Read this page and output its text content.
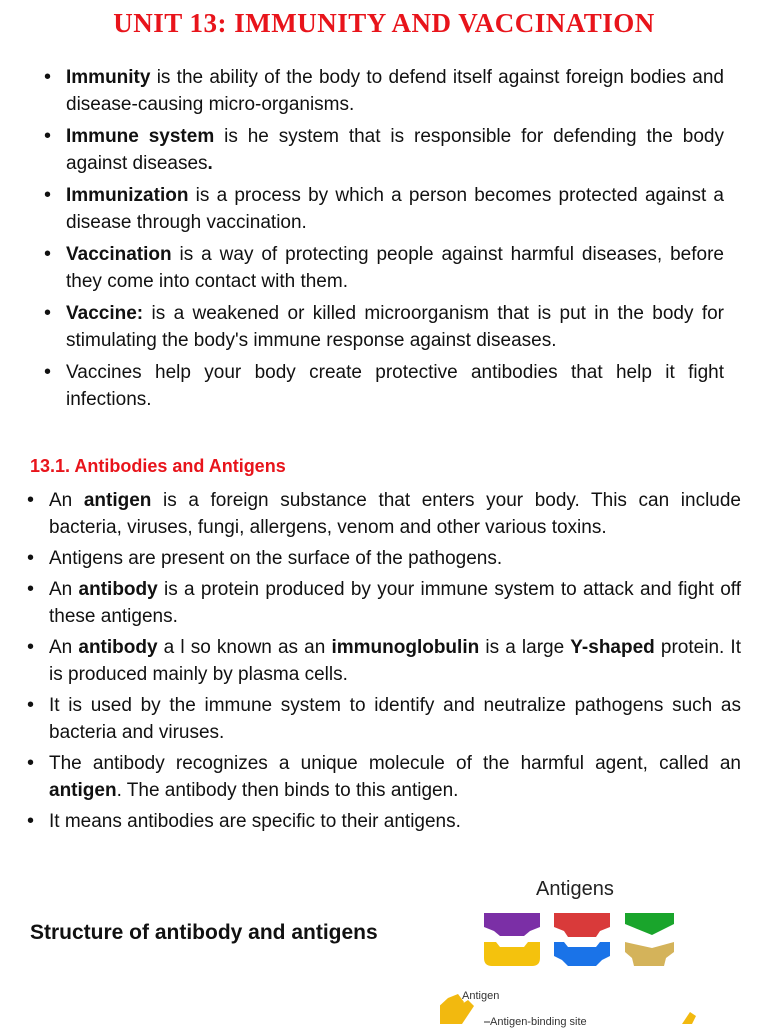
UNIT 13: IMMUNITY AND VACCINATION
• Immunity is the ability of the body to defend itself against foreign bodies and disease-causing micro-organisms.
• Immune system is he system that is responsible for defending the body against diseases.
• Immunization is a process by which a person becomes protected against a disease through vaccination.
• Vaccination is a way of protecting people against harmful diseases, before they come into contact with them.
• Vaccine: is a weakened or killed microorganism that is put in the body for stimulating the body's immune response against diseases.
• Vaccines help your body create protective antibodies that help it fight infections.
13.1. Antibodies and Antigens
• An antigen is a foreign substance that enters your body. This can include bacteria, viruses, fungi, allergens, venom and other various toxins.
• Antigens are present on the surface of the pathogens.
• An antibody is a protein produced by your immune system to attack and fight off these antigens.
• An antibody a l so known as an immunoglobulin is a large Y-shaped protein. It is produced mainly by plasma cells.
• It is used by the immune system to identify and neutralize pathogens such as bacteria and viruses.
• The antibody recognizes a unique molecule of the harmful agent, called an antigen. The antibody then binds to this antigen.
• It means antibodies are specific to their antigens.
Structure of antibody and antigens
Antigens
Antigen
Antigen-binding site
